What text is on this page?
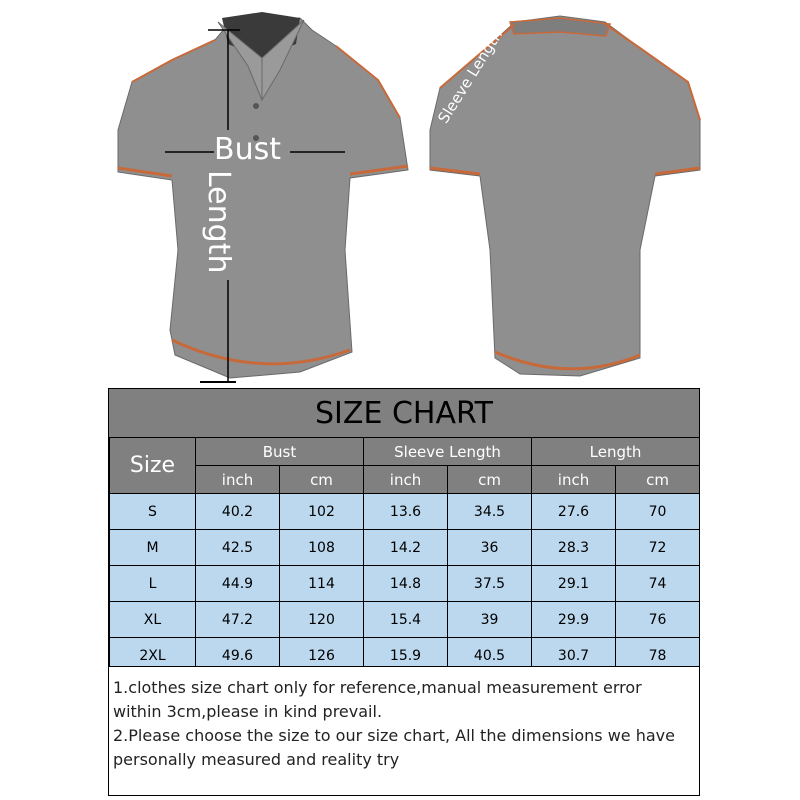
Bust
Length
Sleeve Length
SIZE CHART
Size	Bust		Sleeve Length		Length	
	inch	cm	inch	cm	inch	cm
S	40.2	102	13.6	34.5	27.6	70
M	42.5	108	14.2	36	28.3	72
L	44.9	114	14.8	37.5	29.1	74
XL	47.2	120	15.4	39	29.9	76
2XL	49.6	126	15.9	40.5	30.7	78

1.clothes size chart only for reference,manual measurement error within 3cm,please in kind prevail.

2.Please choose the size to our size chart, All the dimensions we have personally measured and reality try
